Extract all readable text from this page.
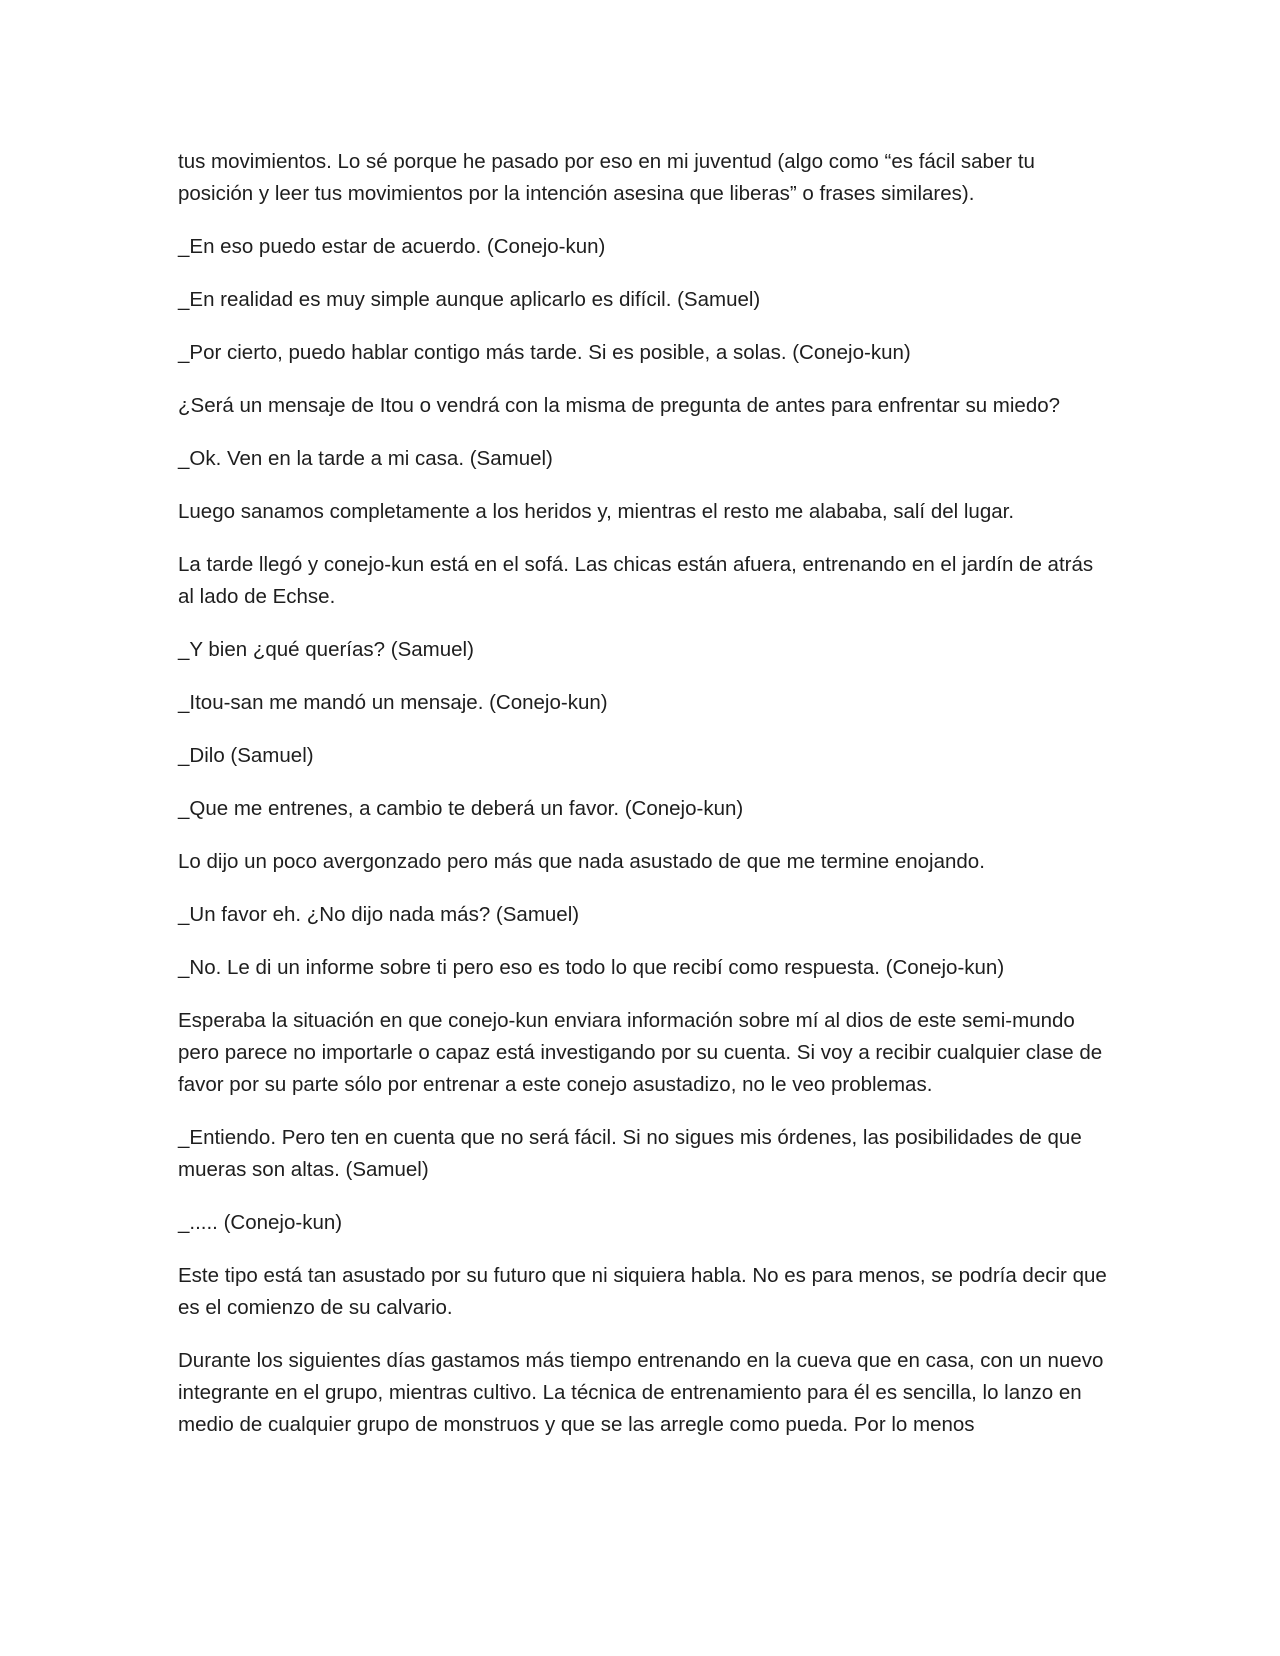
tus movimientos. Lo sé porque he pasado por eso en mi juventud (algo como “es fácil saber tu posición y leer tus movimientos por la intención asesina que liberas” o frases similares).

_En eso puedo estar de acuerdo. (Conejo-kun)

_En realidad es muy simple aunque aplicarlo es difícil. (Samuel)

_Por cierto, puedo hablar contigo más tarde. Si es posible, a solas. (Conejo-kun)

¿Será un mensaje de Itou o vendrá con la misma de pregunta de antes para enfrentar su miedo?

_Ok. Ven en la tarde a mi casa. (Samuel)

Luego sanamos completamente a los heridos y, mientras el resto me alababa, salí del lugar.

La tarde llegó y conejo-kun está en el sofá. Las chicas están afuera, entrenando en el jardín de atrás al lado de Echse.

_Y bien ¿qué querías? (Samuel)

_Itou-san me mandó un mensaje. (Conejo-kun)

_Dilo (Samuel)

_Que me entrenes, a cambio te deberá un favor. (Conejo-kun)

Lo dijo un poco avergonzado pero más que nada asustado de que me termine enojando.

_Un favor eh. ¿No dijo nada más? (Samuel)

_No. Le di un informe sobre ti pero eso es todo lo que recibí como respuesta. (Conejo-kun)

Esperaba la situación en que conejo-kun enviara información sobre mí al dios de este semi-mundo pero parece no importarle o capaz está investigando por su cuenta. Si voy a recibir cualquier clase de favor por su parte sólo por entrenar a este conejo asustadizo, no le veo problemas.

_Entiendo. Pero ten en cuenta que no será fácil. Si no sigues mis órdenes, las posibilidades de que mueras son altas. (Samuel)

_..... (Conejo-kun)

Este tipo está tan asustado por su futuro que ni siquiera habla. No es para menos, se podría decir que es el comienzo de su calvario.

Durante los siguientes días gastamos más tiempo entrenando en la cueva que en casa, con un nuevo integrante en el grupo, mientras cultivo. La técnica de entrenamiento para él es sencilla, lo lanzo en medio de cualquier grupo de monstruos y que se las arregle como pueda. Por lo menos
